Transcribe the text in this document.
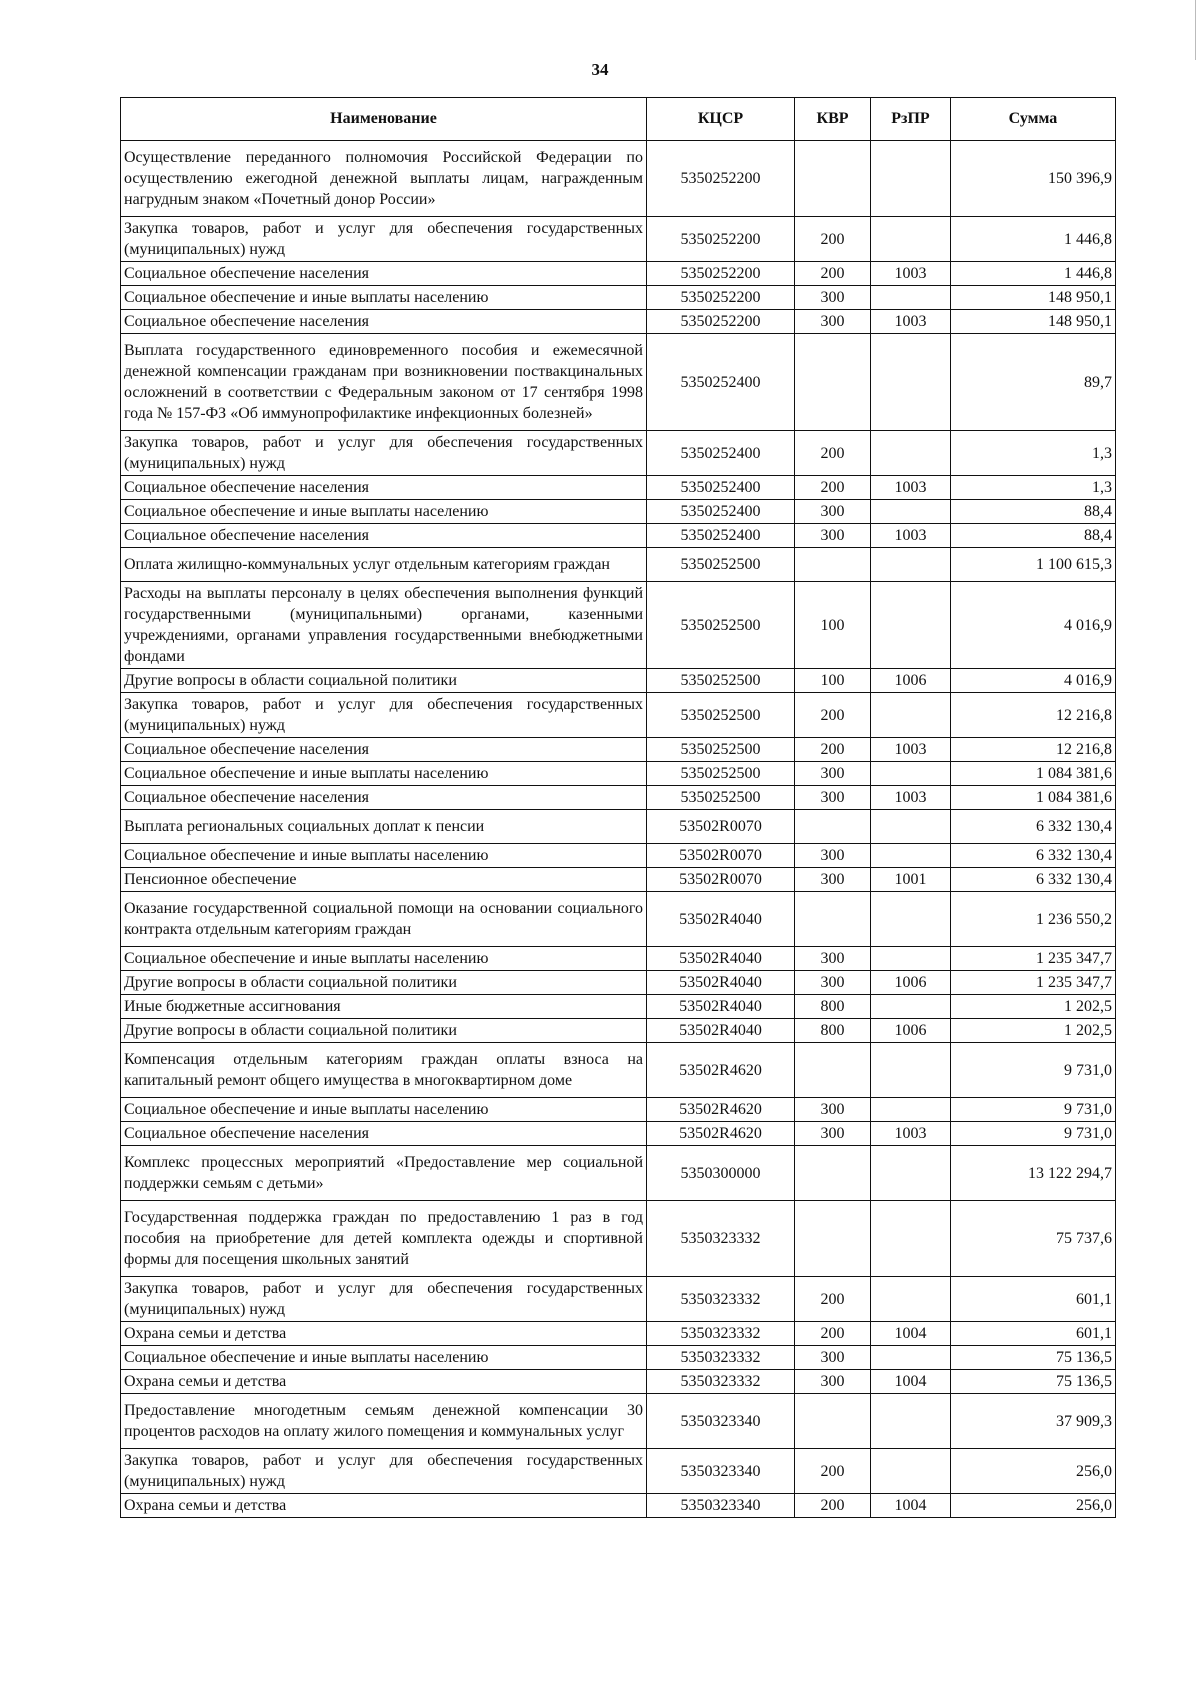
34
Наименование	КЦСР	КВР	РзПР	Сумма
Осуществление переданного полномочия Российской Федерации по осуществлению ежегодной денежной выплаты лицам, награжденным нагрудным знаком «Почетный донор России»	5350252200			150 396,9
Закупка товаров, работ и услуг для обеспечения государственных (муниципальных) нужд	5350252200	200		1 446,8
Социальное обеспечение населения	5350252200	200	1003	1 446,8
Социальное обеспечение и иные выплаты населению	5350252200	300		148 950,1
Социальное обеспечение населения	5350252200	300	1003	148 950,1
Выплата государственного единовременного пособия и ежемесячной денежной компенсации гражданам при возникновении поствакцинальных осложнений в соответствии с Федеральным законом от 17 сентября 1998 года № 157-ФЗ «Об иммунопрофилактике инфекционных болезней»	5350252400			89,7
Закупка товаров, работ и услуг для обеспечения государственных (муниципальных) нужд	5350252400	200		1,3
Социальное обеспечение населения	5350252400	200	1003	1,3
Социальное обеспечение и иные выплаты населению	5350252400	300		88,4
Социальное обеспечение населения	5350252400	300	1003	88,4
Оплата жилищно-коммунальных услуг отдельным категориям граждан	5350252500			1 100 615,3
Расходы на выплаты персоналу в целях обеспечения выполнения функций государственными (муниципальными) органами, казенными учреждениями, органами управления государственными внебюджетными фондами	5350252500	100		4 016,9
Другие вопросы в области социальной политики	5350252500	100	1006	4 016,9
Закупка товаров, работ и услуг для обеспечения государственных (муниципальных) нужд	5350252500	200		12 216,8
Социальное обеспечение населения	5350252500	200	1003	12 216,8
Социальное обеспечение и иные выплаты населению	5350252500	300		1 084 381,6
Социальное обеспечение населения	5350252500	300	1003	1 084 381,6
Выплата региональных социальных доплат к пенсии	53502R0070			6 332 130,4
Социальное обеспечение и иные выплаты населению	53502R0070	300		6 332 130,4
Пенсионное обеспечение	53502R0070	300	1001	6 332 130,4
Оказание государственной социальной помощи на основании социального контракта отдельным категориям граждан	53502R4040			1 236 550,2
Социальное обеспечение и иные выплаты населению	53502R4040	300		1 235 347,7
Другие вопросы в области социальной политики	53502R4040	300	1006	1 235 347,7
Иные бюджетные ассигнования	53502R4040	800		1 202,5
Другие вопросы в области социальной политики	53502R4040	800	1006	1 202,5
Компенсация отдельным категориям граждан оплаты взноса на капитальный ремонт общего имущества в многоквартирном доме	53502R4620			9 731,0
Социальное обеспечение и иные выплаты населению	53502R4620	300		9 731,0
Социальное обеспечение населения	53502R4620	300	1003	9 731,0
Комплекс процессных мероприятий «Предоставление мер социальной поддержки семьям с детьми»	5350300000			13 122 294,7
Государственная поддержка граждан по предоставлению 1 раз в год пособия на приобретение для детей комплекта одежды и спортивной формы для посещения школьных занятий	5350323332			75 737,6
Закупка товаров, работ и услуг для обеспечения государственных (муниципальных) нужд	5350323332	200		601,1
Охрана семьи и детства	5350323332	200	1004	601,1
Социальное обеспечение и иные выплаты населению	5350323332	300		75 136,5
Охрана семьи и детства	5350323332	300	1004	75 136,5
Предоставление многодетным семьям денежной компенсации 30 процентов расходов на оплату жилого помещения и коммунальных услуг	5350323340			37 909,3
Закупка товаров, работ и услуг для обеспечения государственных (муниципальных) нужд	5350323340	200		256,0
Охрана семьи и детства	5350323340	200	1004	256,0
